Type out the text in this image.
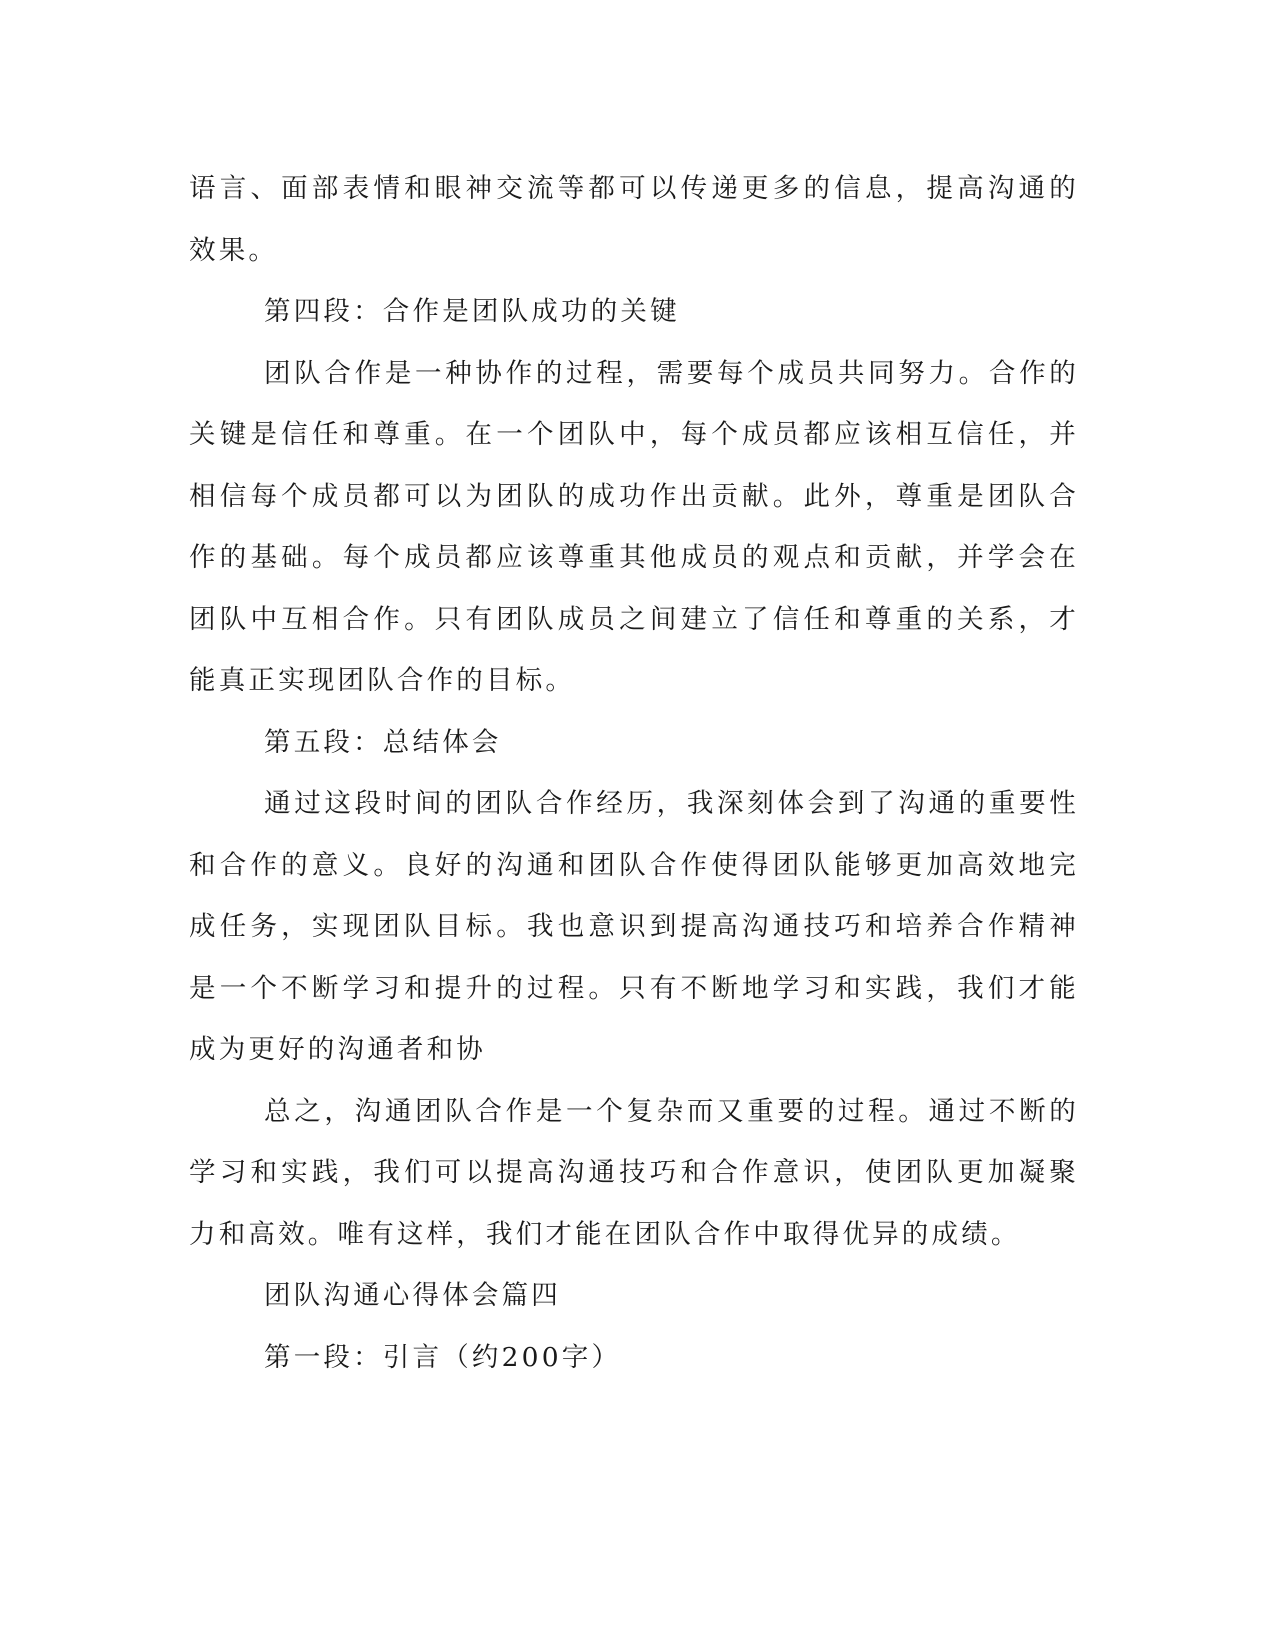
语言、面部表情和眼神交流等都可以传递更多的信息，提高沟通的效果。

第四段：合作是团队成功的关键

团队合作是一种协作的过程，需要每个成员共同努力。合作的关键是信任和尊重。在一个团队中，每个成员都应该相互信任，并相信每个成员都可以为团队的成功作出贡献。此外，尊重是团队合作的基础。每个成员都应该尊重其他成员的观点和贡献，并学会在团队中互相合作。只有团队成员之间建立了信任和尊重的关系，才能真正实现团队合作的目标。

第五段：总结体会

通过这段时间的团队合作经历，我深刻体会到了沟通的重要性和合作的意义。良好的沟通和团队合作使得团队能够更加高效地完成任务，实现团队目标。我也意识到提高沟通技巧和培养合作精神是一个不断学习和提升的过程。只有不断地学习和实践，我们才能成为更好的沟通者和协

总之，沟通团队合作是一个复杂而又重要的过程。通过不断的学习和实践，我们可以提高沟通技巧和合作意识，使团队更加凝聚力和高效。唯有这样，我们才能在团队合作中取得优异的成绩。

团队沟通心得体会篇四

第一段：引言（约200字）
